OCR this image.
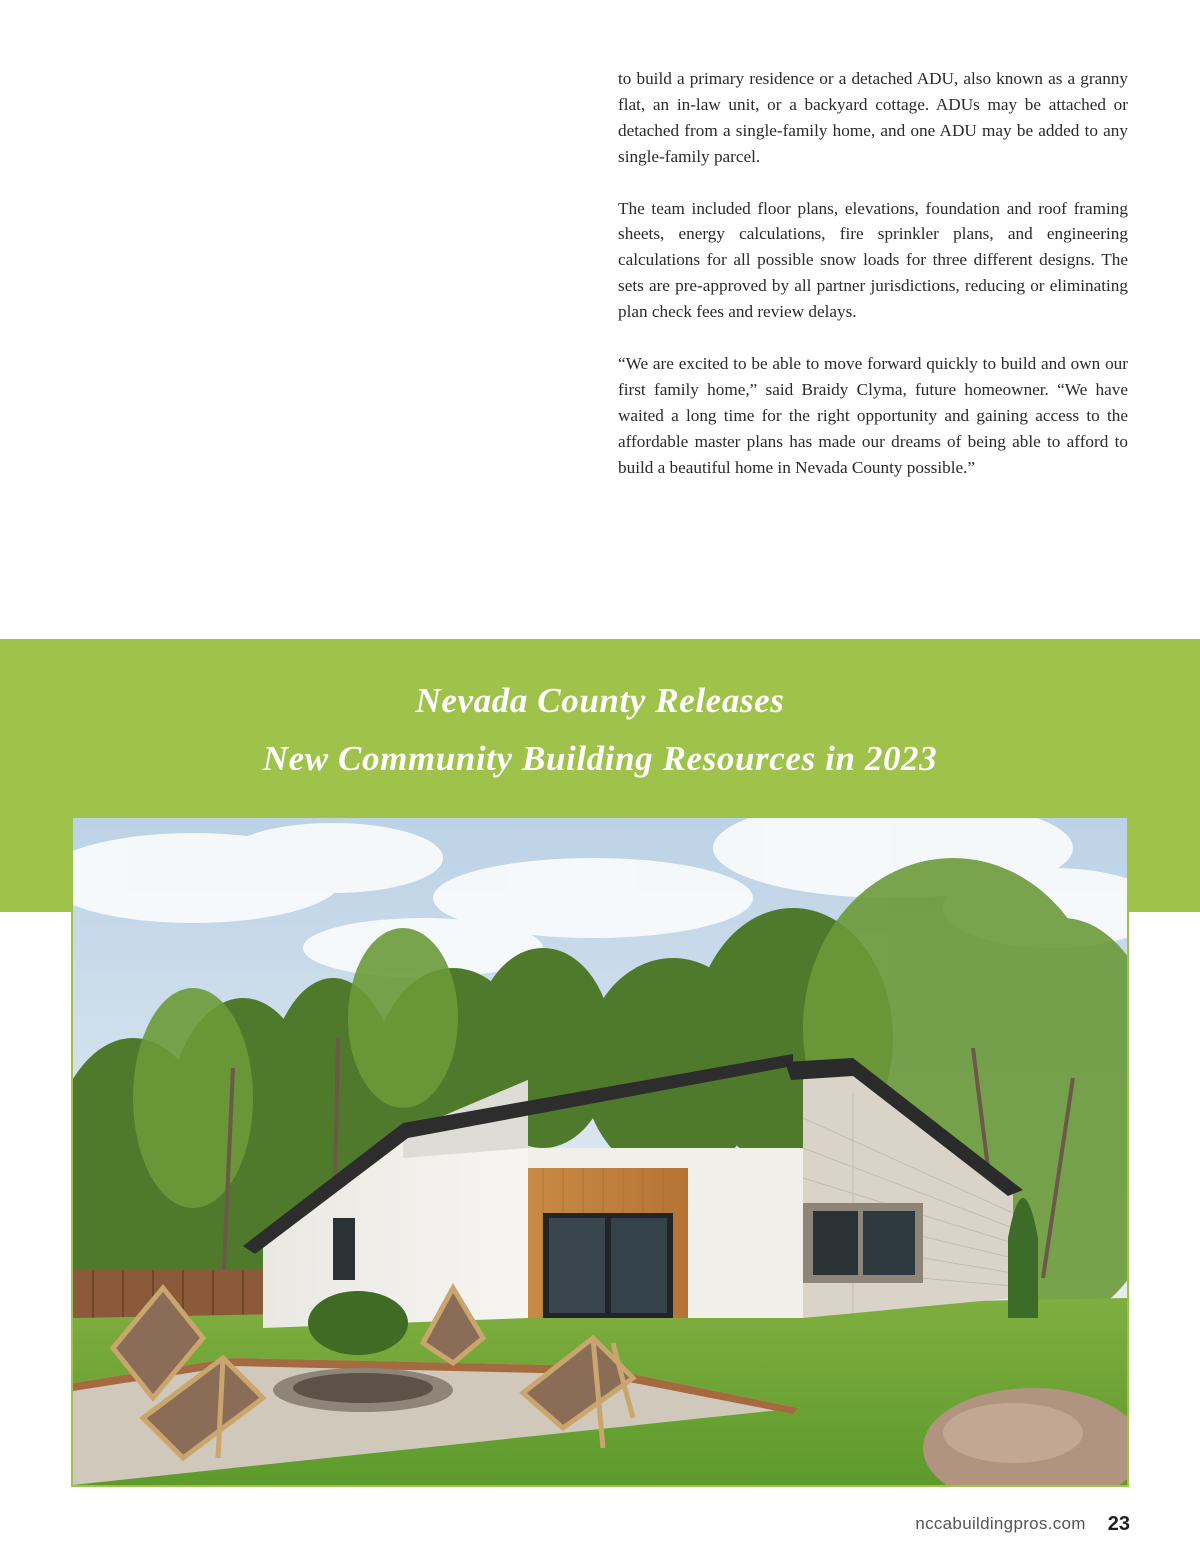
to build a primary residence or a detached ADU, also known as a granny flat, an in-law unit, or a backyard cottage. ADUs may be attached or detached from a single-family home, and one ADU may be added to any single-family parcel.

The team included floor plans, elevations, foundation and roof framing sheets, energy calculations, fire sprinkler plans, and engineering calculations for all possible snow loads for three different designs. The sets are pre-approved by all partner jurisdictions, reducing or eliminating plan check fees and review delays.

“We are excited to be able to move forward quickly to build and own our first family home,” said Braidy Clyma, future homeowner. “We have waited a long time for the right opportunity and gaining access to the affordable master plans has made our dreams of being able to afford to build a beautiful home in Nevada County possible.”

Nevada County Releases
New Community Building Resources in 2023
nccabuildingpros.com 23
